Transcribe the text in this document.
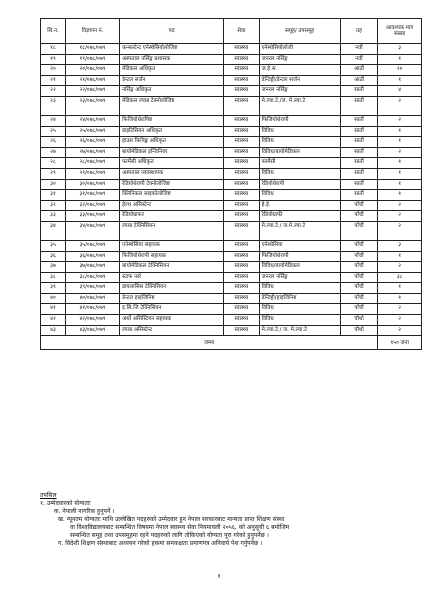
सि.न.	विज्ञापन नं.	पद	सेवा	समूह/ उपसमूह	तह	आवश्यक माग संख्या
१८	१८/०७८/०७९	कन्सल्टेन्ट एनेस्थेसियोलोजिष्ट	स्वास्थ्य	एनेस्थेसियोलोजी	नवौं	३
१९	१९/०७८/०७९	अस्पताल नर्सिङ्ग प्रशासक	स्वास्थ्य	जनरल नर्सिङ्ग	नवौं	१
२०	२०/०७८/०७९	मेडिकल अधिकृत	स्वास्थ्य	ज.हे.स.	आठौं	२०
२१	२१/०७८/०७९	डेन्टल सर्जन	स्वास्थ्य	डेन्टिष्ट्री/डेन्टल सर्जन	आठौं	१
२२	२२/०७८/०७९	नर्सिङ्ग अधिकृत	स्वास्थ्य	जनरल नर्सिङ्ग	सातौं	४
२३	२३/०७८/०७९	मेडिकल ल्याब टेक्नोलोजिष्ट	स्वास्थ्य	मे.ल्या.टे./ज. मे.ल्या.टे	सातौं	२
२४	२४/०७८/०७९	फिजियोथेरापिष्ट	स्वास्थ्य	फिजियोथेरापी	सातौं	२
२५	२५/०७८/०७९	डाइटिसियन अधिकृत	स्वास्थ्य	विविध	सातौं	१
२६	२६/०७८/०७९	हाउस किपिङ्ग अधिकृत	स्वास्थ्य	विविध	सातौं	१
२७	२७/०७८/०७९	बायोमेडिकल इन्जिनियर	स्वास्थ्य	विविध/बायोमेडिकल	सातौं	२
२८	२८/०७८/०७९	फार्मेसी अधिकृत	स्वास्थ्य	फार्मेसी	सातौं	१
२९	२९/०७८/०७९	अस्पताल व्यवस्थापक	स्वास्थ्य	विविध	सातौं	१
३०	३०/०७८/०७९	रेडियोथेरापी टेक्नोलोजिष्ट	स्वास्थ्य	रेडियोथेरापी	सातौं	१
३१	३१/०७८/०७९	क्लिनिकल साइकोलोजिष्ट	स्वास्थ्य	विविध	सातौं	१
३२	३२/०७८/०७९	हेल्थ असिस्टेन्ट	स्वास्थ्य	हे.ई.	पाँचौं	२
३३	३३/०७८/०७९	रेडियोग्राफर	स्वास्थ्य	रेडियोग्राफी	पाँचौं	२
३४	३४/०७८/०७९	ल्याब टेक्निसियन	स्वास्थ्य	मे.ल्या.टे./ ज.मे.ल्या.टे	पाँचौं	२
३५	३५/०७८/०७९	एनेस्थेसिया सहायक	स्वास्थ्य	एनेस्थेसिया	पाँचौं	३
३६	३६/०७८/०७९	फिजियोथेरापी सहायक	स्वास्थ्य	फिजियोथेरापी	पाँचौं	१
३७	३७/०७८/०७९	बायोमेडिकल टेक्निसियन	स्वास्थ्य	विविध/बायोमेडिकल	पाँचौं	२
३८	३८/०७८/०७९	स्टाफ नर्स	स्वास्थ्य	जनरल नर्सिङ्ग	पाँचौं	३८
३९	३९/०७८/०७९	डायलासिस टेक्निसियन	स्वास्थ्य	विविध	पाँचौं	१
४०	४०/०७८/०७९	डेन्टल हाइजिनिष्ट	स्वास्थ्य	डेन्टिष्ट्री/हाइजिनिष्ट	पाँचौं	१
४१	४१/०७८/०७९	इ.सि.जि टेक्निसियन	स्वास्थ्य	विविध	पाँचौं	२
४२	४२/०७८/०७९	अर्थो असिस्टियन सहायक	स्वास्थ्य	विविध	चौथो	२
४३	४३/०७८/०७९	ल्याब असिस्टेन्ट	स्वास्थ्य	मे.ल्या.टे./ ज. मे.ल्या.टे	चौथो	२
जम्मा						१५० जना

तपसिल

१. उम्मेदवारको योग्यताः

क. नेपाली नागरिक हुनुपर्ने ।

ख. न्यूनतम योग्यताः माथि उल्लेखित पदहरुको उम्मेदवार हुन नेपाल सरकारबाट मान्यता प्राप्त शिक्षण संस्था

वा विश्वविद्यालयबाट सम्बन्धित विषयमा नेपाल स्वास्थ्य सेवा नियमावली २०५६, को अनुसूची ६ बमोजिम

सम्बन्धित समूह तथा उपसमूहमा रहने पदहरुको लागि तोकिएको योग्यता पूरा गरेको हुनुपर्नेछ ।

ग. विदेशी शिक्षण संस्थाबाट अध्ययन गरेको हकमा समकक्षता प्रमाणपत्र अनिवार्य पेश गर्नुपर्नेछ ।

१
